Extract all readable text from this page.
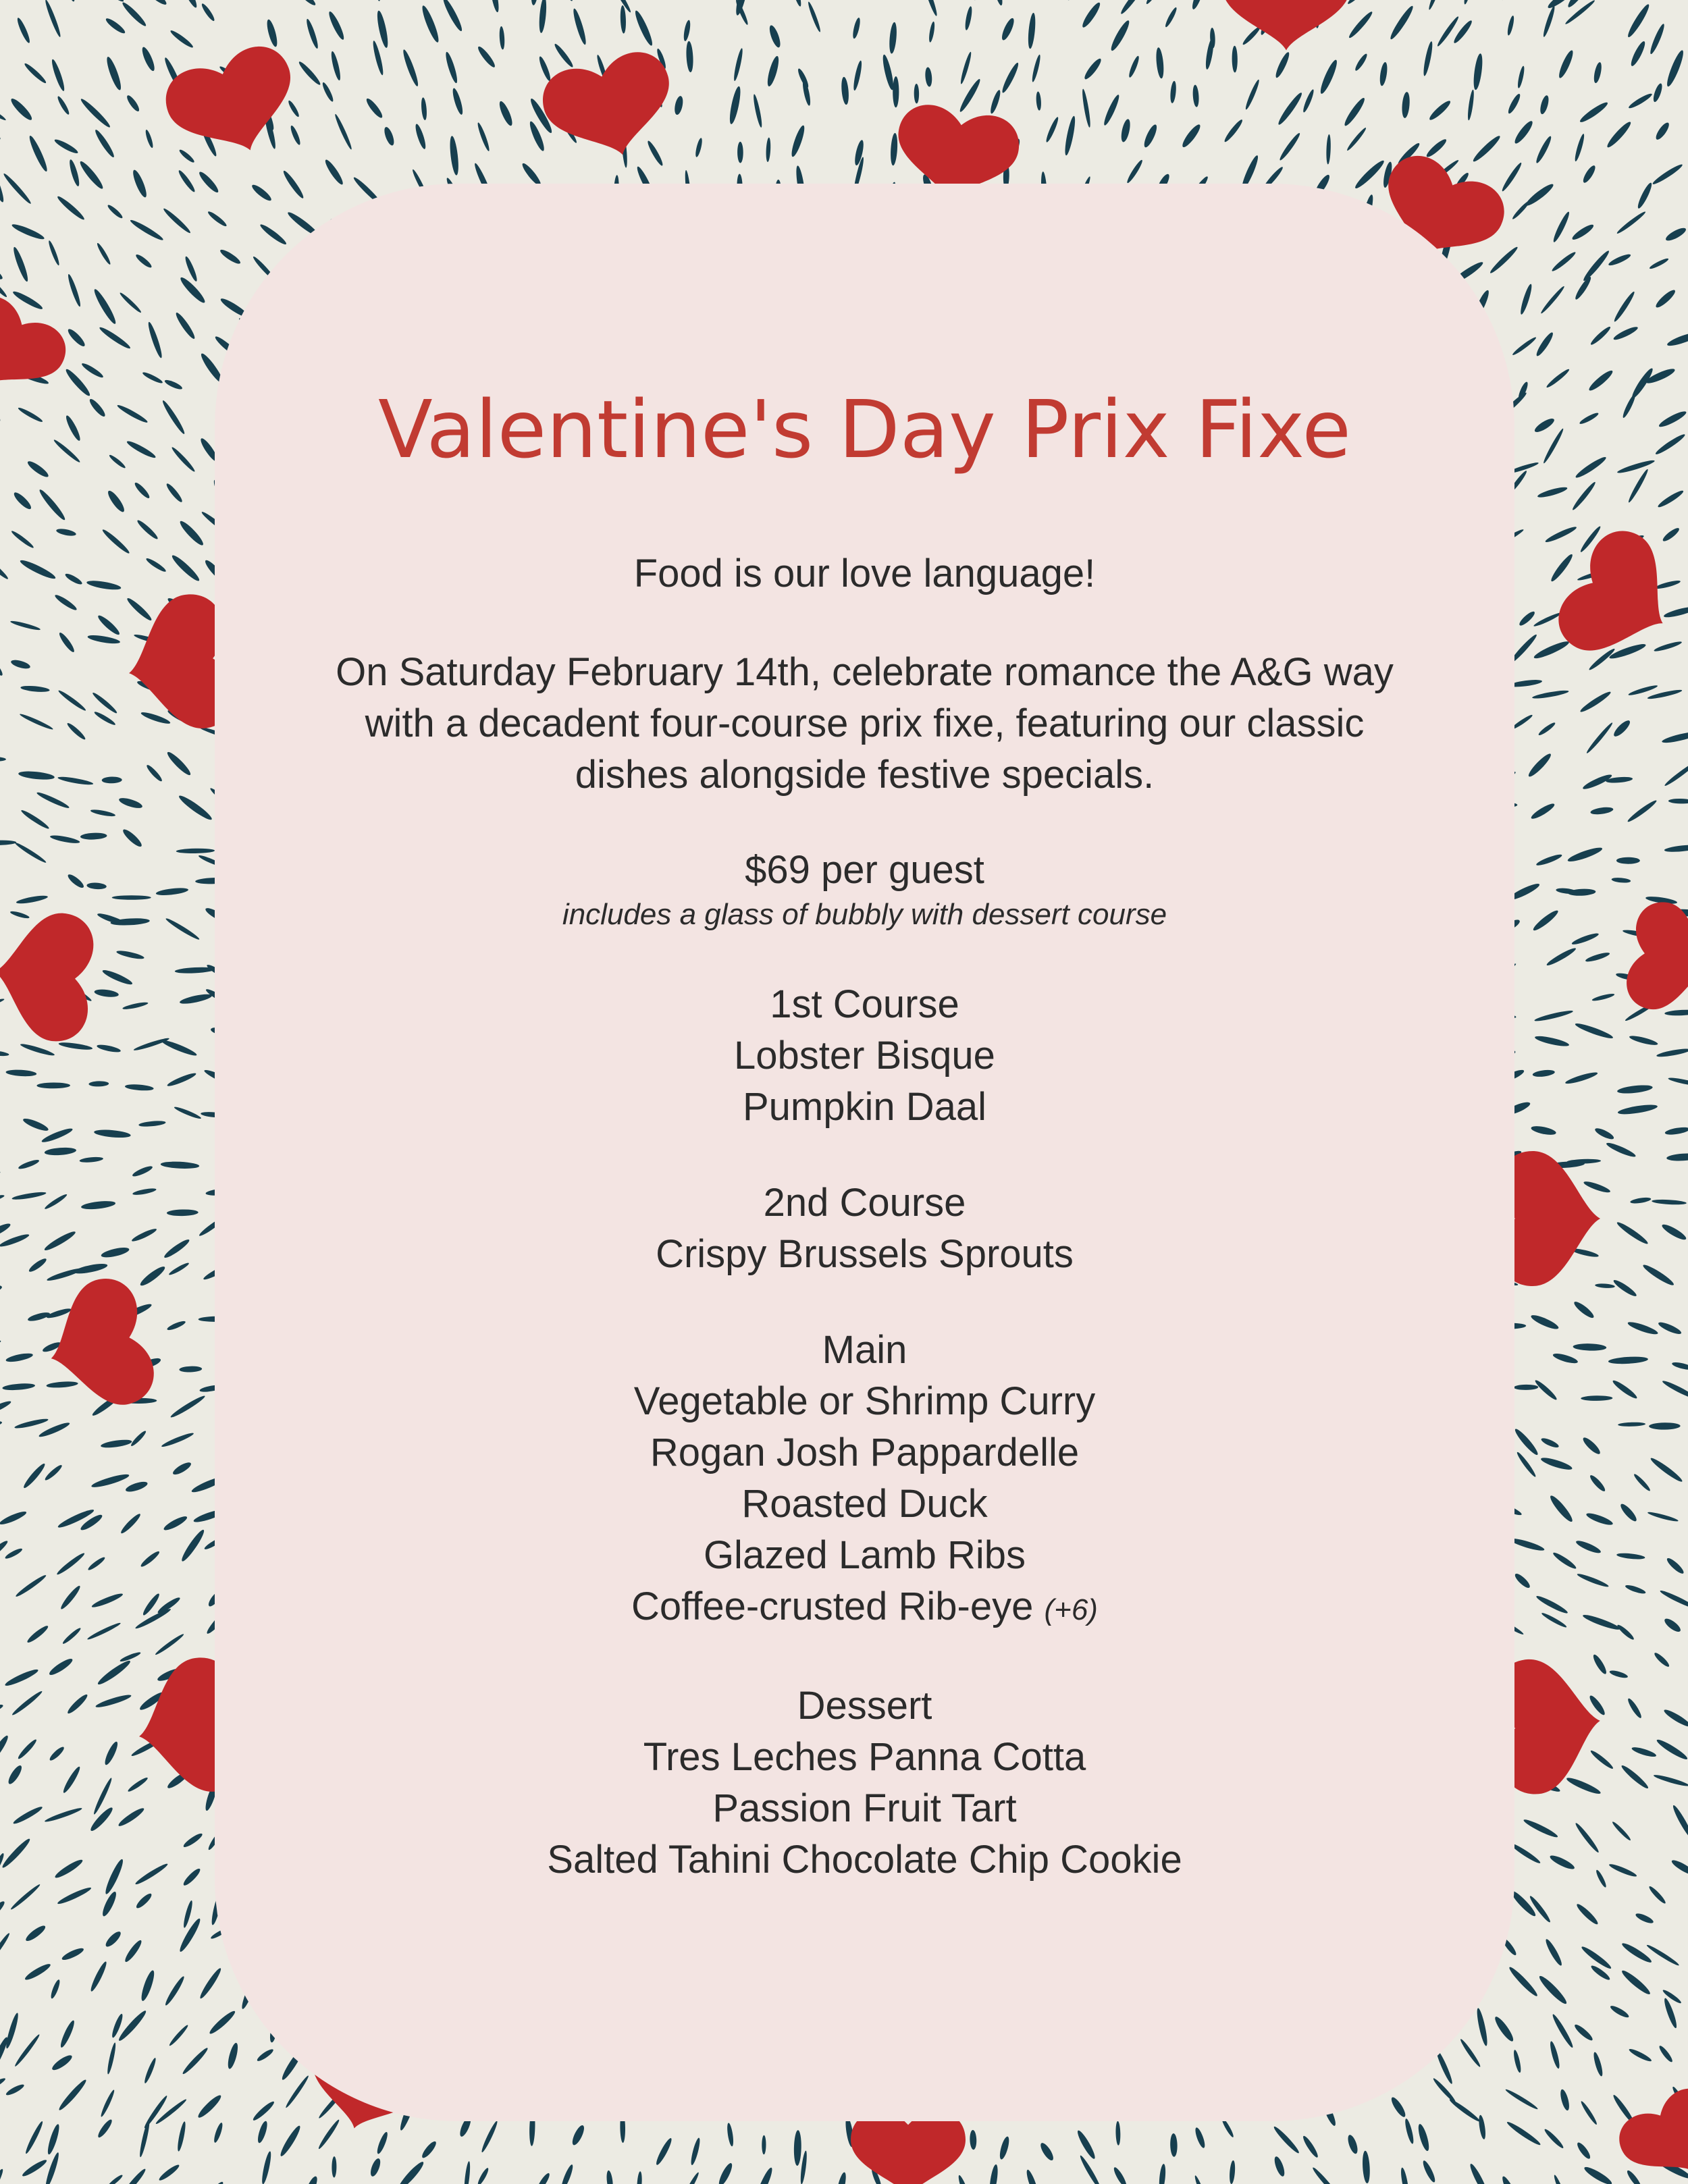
Valentine's Day Prix Fixe

Food is our love language!

On Saturday February 14th, celebrate romance the A&G way with a decadent four-course prix fixe, featuring our classic dishes alongside festive specials.

$69 per guest

includes a glass of bubbly with dessert course

1st Course
Lobster Bisque
Pumpkin Daal
2nd Course
Crispy Brussels Sprouts
Main
Vegetable or Shrimp Curry
Rogan Josh Pappardelle
Roasted Duck
Glazed Lamb Ribs
Coffee-crusted Rib-eye (+6)
Dessert
Tres Leches Panna Cotta
Passion Fruit Tart
Salted Tahini Chocolate Chip Cookie
